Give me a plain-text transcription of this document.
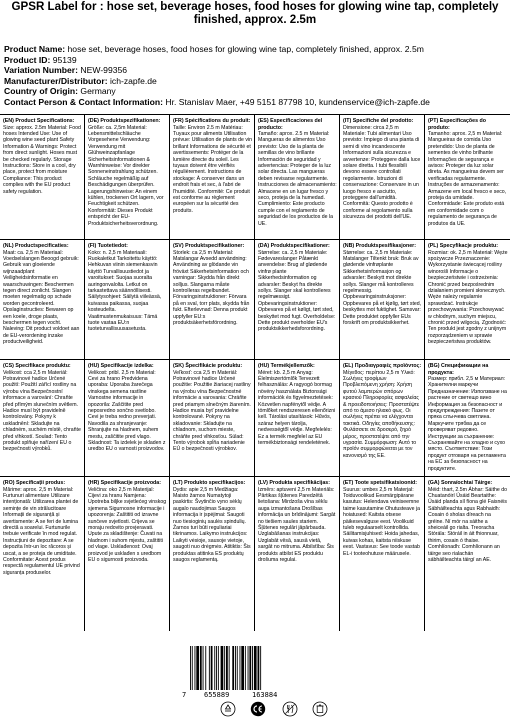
GPSR Label for : hose set, beverage hoses, food hoses for glowing wine tap, completely finished, approx. 2.5m
Product Name: hose set, beverage hoses, food hoses for glowing wine tap, completely finished, approx. 2.5m
Product ID: 95139
Variation Number: NEW-99356
Manufacturer/Distributor: ich-zapfe.de
Country of Origin: Germany
Contact Person & Contact Information: Hr. Stanislav Maer, +49 5151 87798 10, kundenservice@ich-zapfe.de
(EN) Product Specifications:
Size: approx. 2.5m Material: Food hoses Intended Use: Use of glowing wine seed plant Safety Information & Warnings: Protect from direct sunlight. Hoses must be checked regularly. Storage Instructions: Store in a cool, dry place, protect from moisture Compliance: This product complies with the EU product safety regulation.
(DE) Produktspezifikationen:
Größe: ca. 2,5m Material: Lebensmittelschläuche Vorgesehene Verwendung: Verwendung mit Glühweinzapfanlage Sicherheitsinformationen & Warnhinweise: Vor direkter Sonneneinstrahlung schützen. Schläuche regelmäßig auf Beschädigungen überprüfen. Lagerungshinweise: An einem kühlen, trockenen Ort lagern, vor Feuchtigkeit schützen. Konformität: Dieses Produkt entspricht der EU-Produktsicherheitsverordnung.
(FR) Spécifications du produit:
Taille: Environ 2.5 m Matériau: Tuyaux pour aliments Utilisation prévue: Utilisation de plants de vin brillant Informations de sécurité et avertissements: Protéger de la lumière directe du soleil. Les tuyaux doivent être vérifiés régulièrement. Instructions de stockage: À conserver dans un endroit frais et sec, à l'abri de l'humidité. Conformité: Ce produit est conforme au règlement européen sur la sécurité des produits.
(ES) Especificaciones del producto:
Tamaño: aprox. 2.5 m Material: Mangueras de alimentos Uso previsto: Uso de la planta de semillas de vino brillante Información de seguridad y advertencias: Proteger de la luz solar directa. Las mangueras deben revisarse regularmente. Instrucciones de almacenamiento: Almacene en un lugar fresco y seco, proteja de la humedad. Cumplimiento: Este producto cumple con el reglamento de seguridad de los productos de la UE.
(IT) Specifiche del prodotto:
Dimensione: circa 2,5 m Materiale: Tubi alimentari Uso previsto: Impiego di una pianta di semi di vino incandescente Informazioni sulla sicurezza e avvertenze: Proteggere dalla luce solare diretta. I tubi flessibili devono essere controllati regolarmente. Istruzioni di conservazione: Conservare in un luogo fresco e asciutto, proteggere dall'umidità. Conformità: Questo prodotto è conforme al regolamento sulla sicurezza dei prodotti dell'UE.
(PT) Especificações do produto:
Tamanho: aprox. 2,5 m Material: Mangueiras de comida Uso pretendido: Uso de planta de sementes de vinho brilhante Informações de segurança e avisos: Proteger da luz solar direta. As mangueiras devem ser verificadas regularmente. Instruções de armazenamento: Armazene em local fresco e seco, proteja da umidade. Conformidade: Este produto está em conformidade com o regulamento de segurança de produtos da UE.
(NL) Productspecificaties:
Maat: ca. 2,5 m Materiaal: Voedselslangen Beoogd gebruik: Gebruik van gloeiende wijnzaadplant Veiligheidsinformatie en waarschuwingen: Beschermen tegen direct zonlicht. Slangen moeten regelmatig op schade worden gecontroleerd. Opslaginstructies: Bewaren op een koele, droge plaats, beschermen tegen vocht. Naleving: Dit product voldoet aan de EU-verordening inzake productveiligheid.
(FI) Tuotetiedot:
Koko: n. 2,5 m Materiaali: Ruokaletkut Tarkoitettu käyttö: Hehkuvan viinin siemenkasvin käyttö Turvallisuustiedot ja varoitukset: Suojaa suoralta auringonvalolta. Letkut on tarkastettava säännöllisesti. Säilytysohjeet: Säilytä viileässä, kuivassa paikassa, suojaa kosteudelta. Vaatimustenmukaisuus: Tämä tuote vastaa EU:n tuoteturvallisuusasetusta.
(SV) Produktspecifikationer:
Storlek: ca 2,5 m Material: Matslangar Avsedd användning: Användning av glödande vin fröväxt Säkerhetsinformation och varningar: Skydda från direkt solljus. Slangarna måste kontrolleras regelbundet. Förvaringsinstruktioner: Förvara på en sval, torr plats, skydda från fukt. Efterlevnad: Denna produkt uppfyller EU:s produktsäkerhetsförordning.
(DA) Produktspecifikationer:
Størrelse: ca. 2,5 m Materiale: Fødevareslanger Påtænkt anvendelse: Brug af glødende vinfrø plante Sikkerhedsinformation og advarsler: Beskyt fra direkte sollys. Slanger skal kontrolleres regelmæssigt. Opbevaringsinstruktioner: Opbevares på et køligt, tørt sted, beskyttet mod fugt. Overholdelse: Dette produkt overholder EU's produktsikkerhedsforordning.
(NB) Produktspesifikasjoner:
Størrelse: ca. 2,5 m Materiale: Matslanger Tiltenkt bruk: Bruk av glødende vinfrøplante Sikkerhetsinformasjon og advarsler: Beskytt mot direkte sollys. Slanger må kontrolleres regelmessig. Oppbevaringsinstruksjoner: Oppbevares på et kjølig, tørt sted, beskyttes mot fuktighet. Samsvar: Dette produktet oppfyller EUs forskrift om produktsikkerhet.
(PL) Specyfikacje produktu:
Rozmiar: ok. 2,5 m Materiał: Węże spożywcze Przeznaczenie: Wykorzystanie świecącej rośliny winorośli Informacje o bezpieczeństwie i ostrzeżenia: Chronić przed bezpośrednim działaniem promieni słonecznych. Węże należy regularnie sprawdzać. Instrukcje przechowywania: Przechowywać w chłodnym, suchym miejscu, chronić przed wilgocią. Zgodność: Ten produkt jest zgodny z unijnym rozporządzeniem w sprawie bezpieczeństwa produktów.
(CS) Specifikace produktu:
Velikost: cca 2,5 m Materiál: Potravinové hadice Určené použití: Použití zářící rostliny na výrobu vína Bezpečnostní informace a varování: Chraňte před přímým slunečním světlem. Hadice musí být pravidelně kontrolovány. Pokyny k uskladnění: Skladujte na chladném, suchém místě, chraňte před vlhkostí. Soulad: Tento produkt splňuje nařízení EU o bezpečnosti výrobků.
(HU) Specifikacije izdelka:
Velikost: pribl. 2,5 m Material: Cevi za hrano Predvidena uporaba: Uporaba žarečega vinskega semena rastline Varnostne informacije in opozorila: Zaščitite pred neposredno sončno svetlobo. Cevi je treba redno preverjati. Navodila za shranjevanje: Shranjujte na hladnem, suhem mestu, zaščitite pred vlago. Skladnost: Ta izdelek je skladen z uredbo EU o varnosti proizvodov.
(SK) Špecifikácie produktu:
Veľkosť: cca 2,5 m Materiál: Potravinové hadice Určené použitie: Použitie žiariacej rastliny na výrobu vína Bezpečnostné informácie a varovania: Chráňte pred priamym slnečným žiarením. Hadice musia byť pravidelne kontrolované. Pokyny na skladovanie: Skladujte na chladnom, suchom mieste, chráňte pred vlhkosťou. Súlad: Tento výrobok spĺňa nariadenie EÚ o bezpečnosti výrobkov.
(HU) Termékjellemzők:
Méret: kb. 2,5 m Anyag: Élelmiszertömlők Tervezett felhasználás: A ragyogó bormag növény használata Biztonsági információk és figyelmeztetések: Közvetlen napfénytől védje. A tömlőket rendszeresen ellenőrizni kell. Tárolási utasítások: Hűvös, száraz helyen tárolja, nedvességtől védje. Megfelelés: Ez a termék megfelel az EU termékbiztonsági rendeletének.
(EL) Προδιαγραφές προϊόντος:
Μέγεθος: περίπου 2,5 m Υλικό: Σωλήνες τροφίμων Προβλεπόμενη χρήση: Χρήση φυτού λαμπερών σπόρων κρασιού Πληροφορίες ασφαλείας & προειδοποιήσεις: Προστατέψτε από το άμεσο ηλιακό φως. Οι σωλήνες πρέπει να ελέγχονται τακτικά. Οδηγίες αποθήκευσης: Φυλάσσετε σε δροσερό, ξηρό μέρος, προστατέψτε από την υγρασία. Συμμόρφωση: Αυτό το προϊόν συμμορφώνεται με τον κανονισμό της ΕΕ.
(BG) Спецификации на продукта:
Размер: прибл. 2,5 м Материал: Хранителни маркучи Предназначение: Използване на растение от светещо вино Информация за безопасност и предупреждения: Пазете от пряка слънчева светлина. Маркучите трябва да се проверяват редовно. Инструкции за съхранение: Съхранявайте на хладно и сухо място. Съответствие: Този продукт отговаря на регламента на ЕС за безопасност на продуктите.
(RO) Specificații produs:
Mărime: aprox. 2,5 m Material: Furtunuri alimentare Utilizare intenționată: Utilizarea plantei de semințe de vin strălucitoare Informații de siguranță și avertismente: A se feri de lumina directă a soarelui. Furtunurile trebuie verificate în mod regulat. Instrucțiuni de depozitare: A se depozita într-un loc răcoros și uscat, a se proteja de umiditate. Conformitate: Acest produs respectă regulamentul UE privind siguranța produselor.
(HR) Specifikacije proizvoda:
Veličina: oko 2,5 m Materijal: Cijevi za hranu Namjena: Upotreba biljke svjetlećeg vinskog sjemena Sigurnosne informacije i upozorenja: Zaštititi od izravne sunčeve svjetlosti. Crijeva se moraju redovito provjeravati. Upute za skladištenje: Čuvati na hladnom i suhom mjestu, zaštititi od vlage. Usklađenost: Ovaj proizvod je usklađen s uredbom EU o sigurnosti proizvoda.
(LT) Produkto specifikacijos:
Dydis: apie 2,5 m Medžiaga: Maisto žarnos Numatytoji paskirtis: Švytinčio vyno sėklų augalo naudojimas Saugos informacija ir įspėjimai: Saugoti nuo tiesioginių saulės spindulių. Žarnos turi būti reguliariai tikrinamos. Laikymo instrukcijos: Laikyti vėsioje, sausoje vietoje, saugoti nuo drėgmės. Atitiktis: Šis produktas atitinka ES produktų saugos reglamentą.
(LV) Produkta specifikācijas:
Izmērs: aptuveni 2,5 m Materiāls: Pārtikas šļūtenes Paredzētā lietošana: Mirdzoša vīna sēklu auga izmantošana Drošības informācija un brīdinājumi: Sargāt no tiešiem saules stariem. Šļūtenes regulāri jāpārbauda. Uzglabāšanas instrukcijas: Uzglabāt vēsā, sausā vietā, sargāt no mitruma. Atbilstība: Šis produkts atbilst ES produktu drošuma regulai.
(ET) Toote spetsifikatsioonid:
Suurus: umbes 2,5 m Materjal: Toiduvoolikud Eesmärgipärane kasutus: Helendava veiniseemne taime kasutamine Ohutusteave ja hoiatused: Kaitsta otsese päikesevalguse eest. Voolikuid tuleb regulaarselt kontrollida. Säilitamisjuhised: Hoida jahedas, kuivas kohas, kaitsta niiskuse eest. Vastavus: See toode vastab EL-i tooteohutuse määrusele.
(GA) Sonraíochtaí Táirge:
Méid: thart, 2.5m Ábhar: Sáithe do Chuatanóirí Úsáid Beartaithe: Úsáid planda síl fíona glé Faisnéis Sábháilteachta agus Rabhaidh: Cosain ó sholas díreach na gréine. Ní mór na sáithe a sheiceáil go rialta. Treoracha Stórála: Stóráil in áit fhionnuar, thirim, cosain ó thaise. Comhlíonadh: Comhlíonann an táirge seo rialachán sábháilteachta táirgí an AE.
7	655889	163884
